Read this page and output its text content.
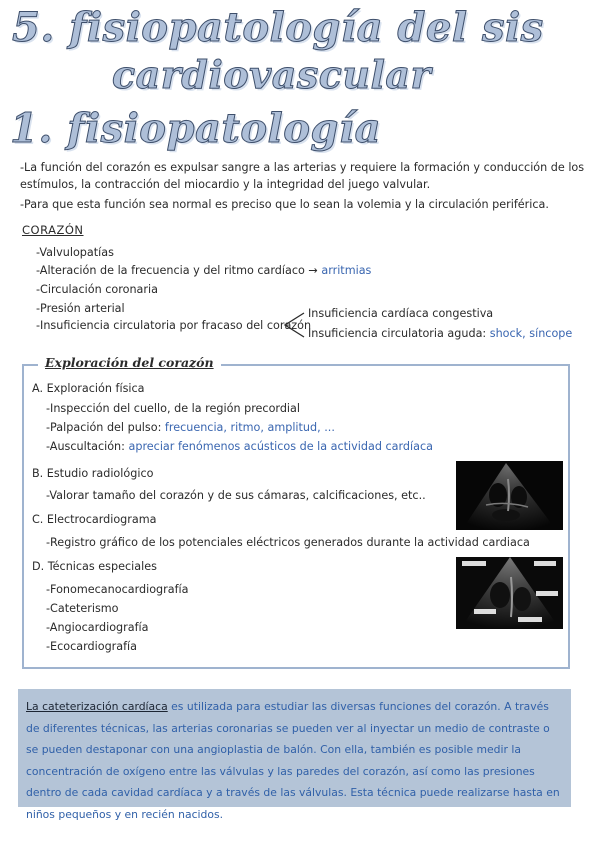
5. fisiopatología del sis
cardiovascular
1. fisiopatología
-La función del corazón es expulsar sangre a las arterias y requiere la formación y conducción de los
estímulos, la contracción del miocardio y la integridad del juego valvular.
-Para que esta función sea normal es preciso que lo sean la volemia y la circulación periférica.
CORAZÓN
-Valvulopatías
-Alteración de la frecuencia y del ritmo cardíaco → arritmias
-Circulación coronaria
-Presión arterial
-Insuficiencia circulatoria por fracaso del corazón
Insuficiencia cardíaca congestiva
Insuficiencia circulatoria aguda: shock, síncope
Exploración del corazón
A. Exploración física
-Inspección del cuello, de la región precordial
-Palpación del pulso: frecuencia, ritmo, amplitud, ...
-Auscultación: apreciar fenómenos acústicos de la actividad cardíaca
B. Estudio radiológico
-Valorar tamaño del corazón y de sus cámaras, calcificaciones, etc..
C. Electrocardiograma
-Registro gráfico de los potenciales eléctricos generados durante la actividad cardiaca
D. Técnicas especiales
-Fonomecanocardiografía
-Cateterismo
-Angiocardiografía
-Ecocardiografía
La cateterización cardíaca es utilizada para estudiar las diversas funciones del corazón. A través de diferentes técnicas, las arterias coronarias se pueden ver al inyectar un medio de contraste o se pueden destaponar con una angioplastia de balón. Con ella, también es posible medir la concentración de oxígeno entre las válvulas y las paredes del corazón, así como las presiones dentro de cada cavidad cardíaca y a través de las válvulas. Esta técnica puede realizarse hasta en niños pequeños y en recién nacidos.
